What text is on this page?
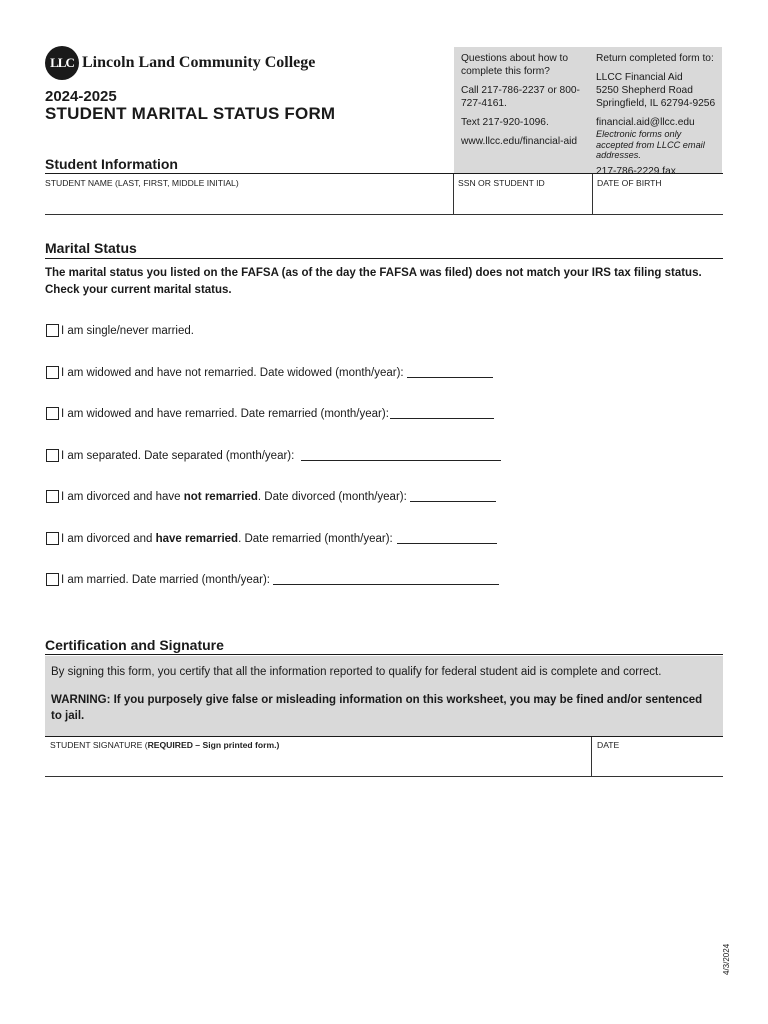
LLC Lincoln Land Community College
2024-2025
STUDENT MARITAL STATUS FORM

Questions about how to complete this form?

Call 217-786-2237 or 800-727-4161.

Text 217-920-1096.

www.llcc.edu/financial-aid

Return completed form to:

LLCC Financial Aid
5250 Shepherd Road
Springfield, IL 62794-9256

financial.aid@llcc.edu

Electronic forms only accepted from LLCC email addresses.

217-786-2229 fax

Student Information
STUDENT NAME (LAST, FIRST, MIDDLE INITIAL)	SSN OR STUDENT ID	DATE OF BIRTH
Marital Status
The marital status you listed on the FAFSA (as of the day the FAFSA was filed) does not match your IRS tax filing status. Check your current marital status.
I am single/never married.
I am widowed and have not remarried. Date widowed (month/year):
I am widowed and have remarried. Date remarried (month/year):
I am separated. Date separated (month/year):
I am divorced and have not remarried . Date divorced (month/year):
I am divorced and have remarried . Date remarried (month/year):
I am married. Date married (month/year):
Certification and Signature

By signing this form, you certify that all the information reported to qualify for federal student aid is complete and correct.

WARNING: If you purposely give false or misleading information on this worksheet, you may be fined and/or sentenced to jail.

STUDENT SIGNATURE (REQUIRED – Sign printed form.)	DATE
4/3/2024
